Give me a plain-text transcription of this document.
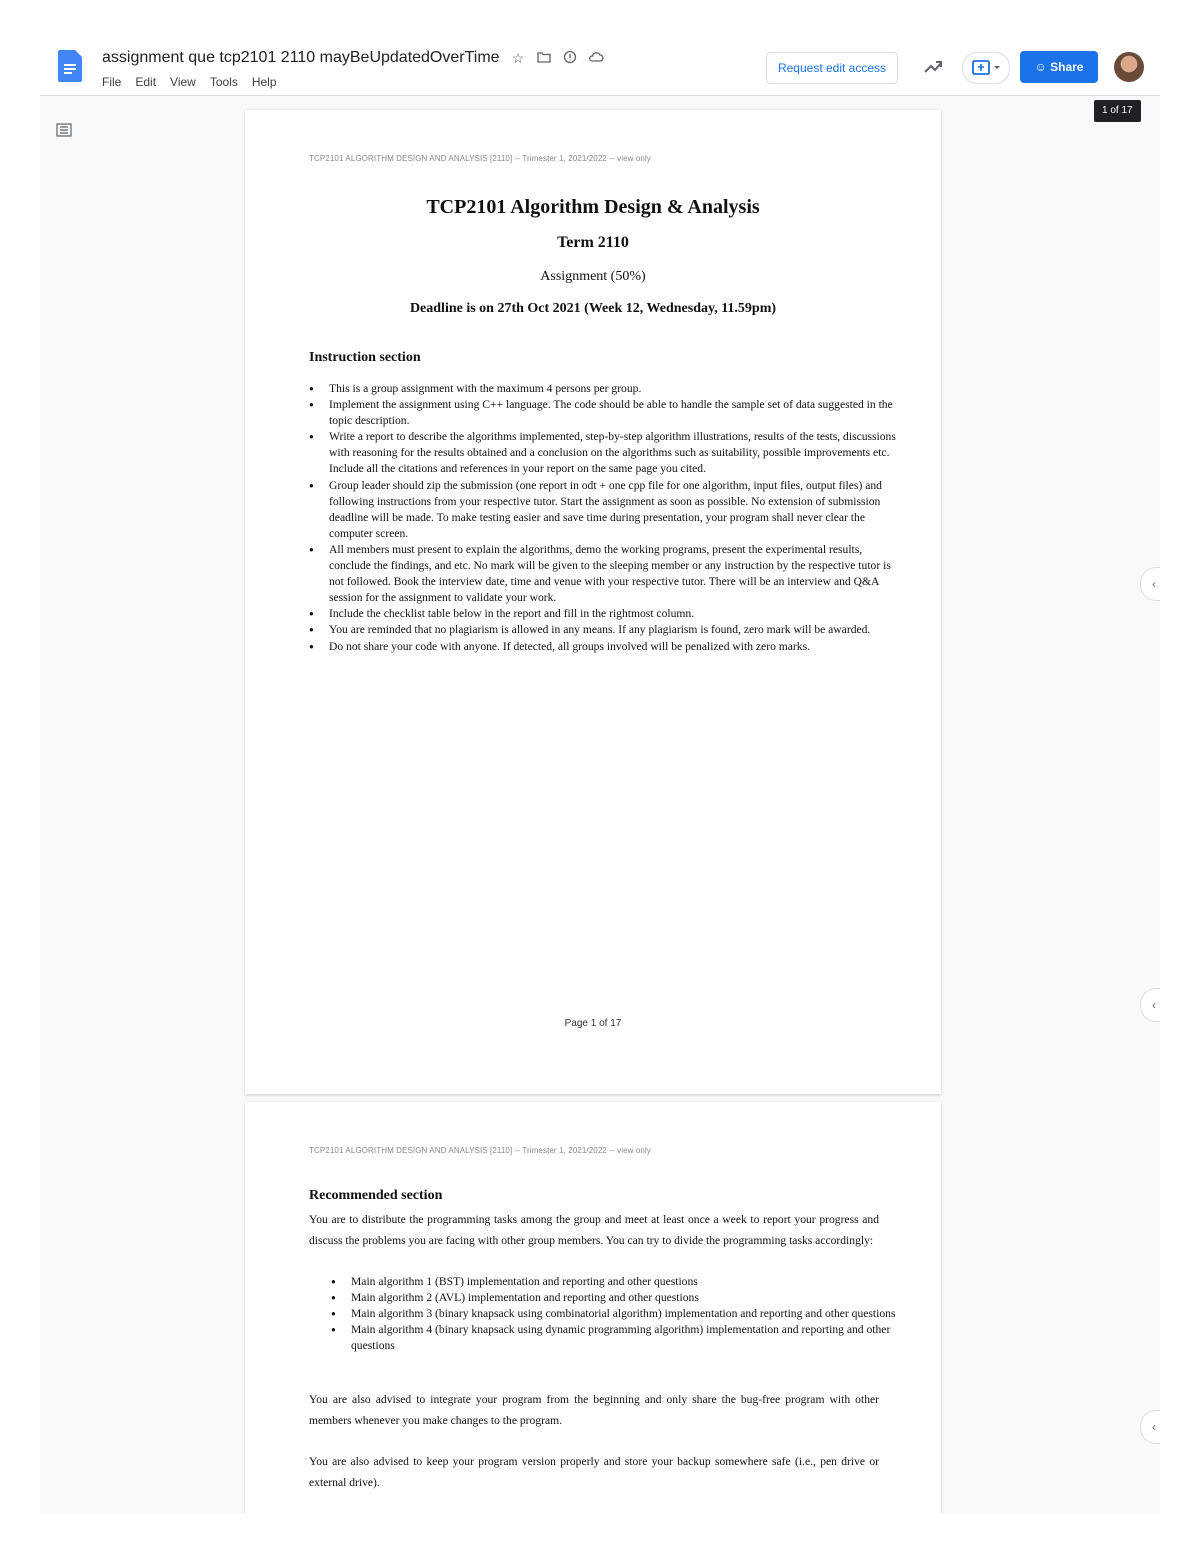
assignment que tcp2101 2110 mayBeUpdatedOverTime ☆
File Edit View Tools Help
Request edit access	☺ Share
1 of 17
‹
‹
‹
TCP2101 ALGORITHM DESIGN AND ANALYSIS [2110] -- Trimester 1, 2021/2022 -- view only
TCP2101 Algorithm Design & Analysis
Term 2110
Assignment (50%)
Deadline is on 27th Oct 2021 (Week 12, Wednesday, 11.59pm)
Instruction section
● This is a group assignment with the maximum 4 persons per group.
● Implement the assignment using C++ language. The code should be able to handle the sample set of data suggested in the topic description.
● Write a report to describe the algorithms implemented, step-by-step algorithm illustrations, results of the tests, discussions with reasoning for the results obtained and a conclusion on the algorithms such as suitability, possible improvements etc. Include all the citations and references in your report on the same page you cited.
● Group leader should zip the submission (one report in odt + one cpp file for one algorithm, input files, output files) and following instructions from your respective tutor. Start the assignment as soon as possible. No extension of submission deadline will be made. To make testing easier and save time during presentation, your program shall never clear the computer screen.
● All members must present to explain the algorithms, demo the working programs, present the experimental results, conclude the findings, and etc. No mark will be given to the sleeping member or any instruction by the respective tutor is not followed. Book the interview date, time and venue with your respective tutor. There will be an interview and Q&A session for the assignment to validate your work.
● Include the checklist table below in the report and fill in the rightmost column.
● You are reminded that no plagiarism is allowed in any means. If any plagiarism is found, zero mark will be awarded.
● Do not share your code with anyone. If detected, all groups involved will be penalized with zero marks.
Page 1 of 17
TCP2101 ALGORITHM DESIGN AND ANALYSIS [2110] -- Trimester 1, 2021/2022 -- view only
Recommended section
You are to distribute the programming tasks among the group and meet at least once a week to report your progress and discuss the problems you are facing with other group members. You can try to divide the programming tasks accordingly:
● Main algorithm 1 (BST) implementation and reporting and other questions
● Main algorithm 2 (AVL) implementation and reporting and other questions
● Main algorithm 3 (binary knapsack using combinatorial algorithm) implementation and reporting and other questions
● Main algorithm 4 (binary knapsack using dynamic programming algorithm) implementation and reporting and other questions
You are also advised to integrate your program from the beginning and only share the bug-free program with other members whenever you make changes to the program.
You are also advised to keep your program version properly and store your backup somewhere safe (i.e., pen drive or external drive).
